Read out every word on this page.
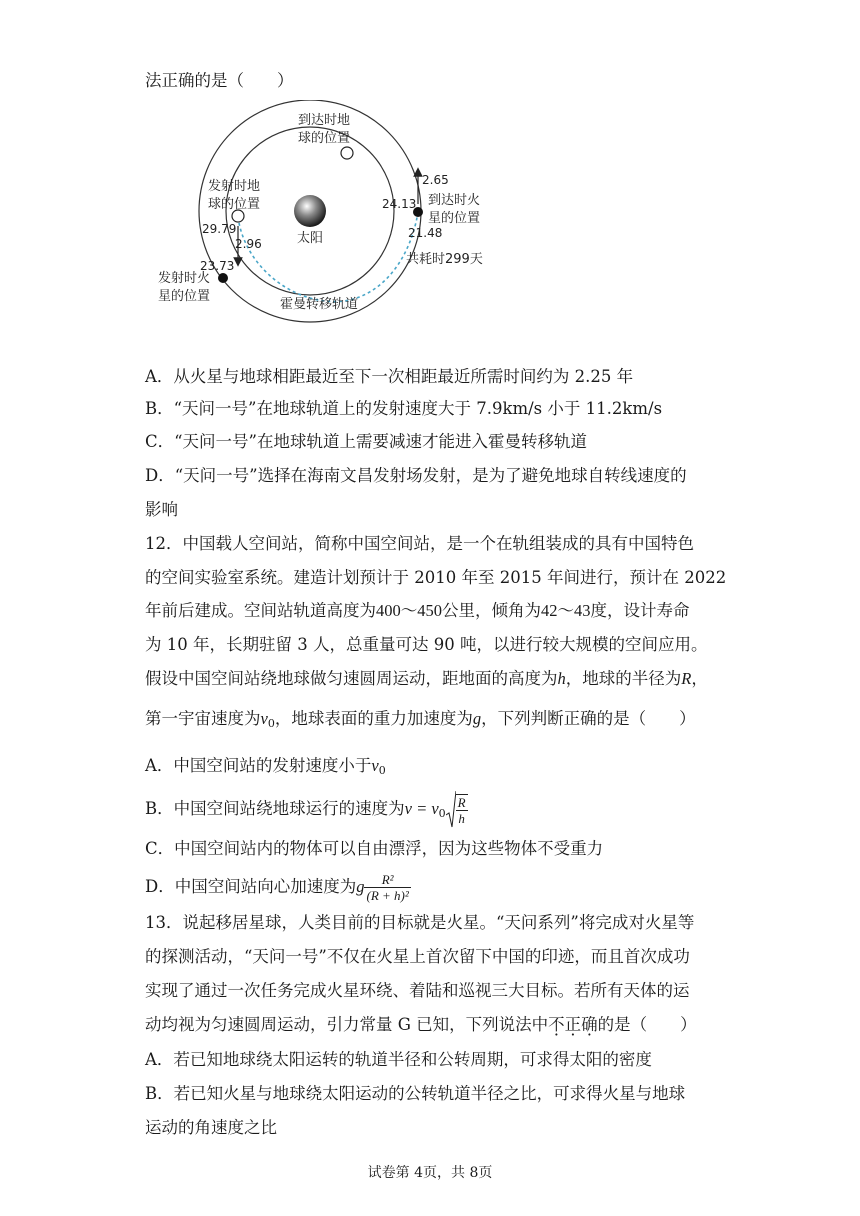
法正确的是（　　）
太阳
到达时地
球的位置
发射时地
球的位置
29.79
2.96
23.73
发射时火
星的位置
2.65
24.13 到达时火
星的位置
21.48
共耗时299天
霍曼转移轨道
A．从火星与地球相距最近至下一次相距最近所需时间约为 2.25 年
B．“天问一号”在地球轨道上的发射速度大于 7.9km/s 小于 11.2km/s
C．“天问一号”在地球轨道上需要减速才能进入霍曼转移轨道
D．“天问一号”选择在海南文昌发射场发射，是为了避免地球自转线速度的
影响
12．中国载人空间站，简称中国空间站，是一个在轨组装成的具有中国特色
的空间实验室系统。建造计划预计于 2010 年至 2015 年间进行，预计在 2022
年前后建成。空间站轨道高度为400～450公里，倾角为42～43度，设计寿命
为 10 年，长期驻留 3 人，总重量可达 90 吨，以进行较大规模的空间应用。
假设中国空间站绕地球做匀速圆周运动，距地面的高度为h，地球的半径为R，
第一宇宙速度为$v_0$，地球表面的重力加速度为g，下列判断正确的是（　　）
A．中国空间站的发射速度小于$v_0$
B．中国空间站绕地球运行的速度为$v = v_0 \frac{R}{h}$
C．中国空间站内的物体可以自由漂浮，因为这些物体不受重力
D．中国空间站向心加速度为g $\frac{\text{R²}}{\text{(R + h)²}}$
13．说起移居星球，人类目前的目标就是火星。“天问系列”将完成对火星等
的探测活动，“天问一号”不仅在火星上首次留下中国的印迹，而且首次成功
实现了通过一次任务完成火星环绕、着陆和巡视三大目标。若所有天体的运
动均视为匀速圆周运动，引力常量 G 已知，下列说法中不正确的是（　　）
A．若已知地球绕太阳运转的轨道半径和公转周期，可求得太阳的密度
B．若已知火星与地球绕太阳运动的公转轨道半径之比，可求得火星与地球
运动的角速度之比
试卷第 4页，共 8页
